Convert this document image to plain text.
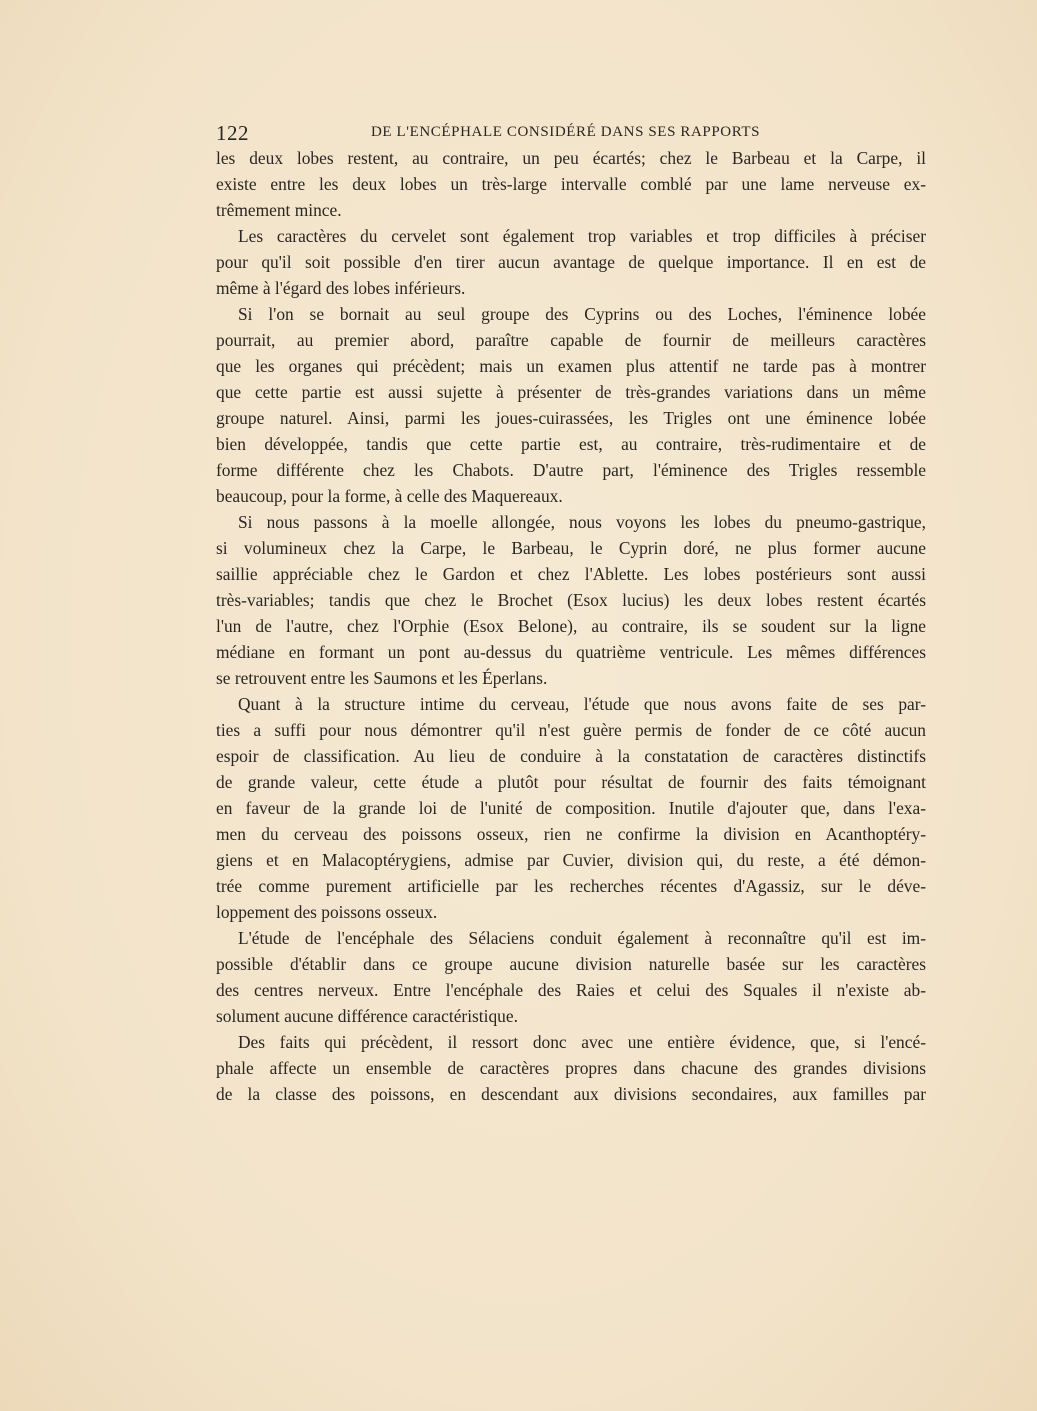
122	DE L'ENCÉPHALE CONSIDÉRÉ DANS SES RAPPORTS
les deux lobes restent, au contraire, un peu écartés; chez le Barbeau et la Carpe, il
existe entre les deux lobes un très-large intervalle comblé par une lame nerveuse ex-
trêmement mince.
Les caractères du cervelet sont également trop variables et trop difficiles à préciser
pour qu'il soit possible d'en tirer aucun avantage de quelque importance. Il en est de
même à l'égard des lobes inférieurs.
Si l'on se bornait au seul groupe des Cyprins ou des Loches, l'éminence lobée
pourrait, au premier abord, paraître capable de fournir de meilleurs caractères
que les organes qui précèdent; mais un examen plus attentif ne tarde pas à montrer
que cette partie est aussi sujette à présenter de très-grandes variations dans un même
groupe naturel. Ainsi, parmi les joues-cuirassées, les Trigles ont une éminence lobée
bien développée, tandis que cette partie est, au contraire, très-rudimentaire et de
forme différente chez les Chabots. D'autre part, l'éminence des Trigles ressemble
beaucoup, pour la forme, à celle des Maquereaux.
Si nous passons à la moelle allongée, nous voyons les lobes du pneumo-gastrique,
si volumineux chez la Carpe, le Barbeau, le Cyprin doré, ne plus former aucune
saillie appréciable chez le Gardon et chez l'Ablette. Les lobes postérieurs sont aussi
très-variables; tandis que chez le Brochet (Esox lucius) les deux lobes restent écartés
l'un de l'autre, chez l'Orphie (Esox Belone), au contraire, ils se soudent sur la ligne
médiane en formant un pont au-dessus du quatrième ventricule. Les mêmes différences
se retrouvent entre les Saumons et les Éperlans.
Quant à la structure intime du cerveau, l'étude que nous avons faite de ses par-
ties a suffi pour nous démontrer qu'il n'est guère permis de fonder de ce côté aucun
espoir de classification. Au lieu de conduire à la constatation de caractères distinctifs
de grande valeur, cette étude a plutôt pour résultat de fournir des faits témoignant
en faveur de la grande loi de l'unité de composition. Inutile d'ajouter que, dans l'exa-
men du cerveau des poissons osseux, rien ne confirme la division en Acanthoptéry-
giens et en Malacoptérygiens, admise par Cuvier, division qui, du reste, a été démon-
trée comme purement artificielle par les recherches récentes d'Agassiz, sur le déve-
loppement des poissons osseux.
L'étude de l'encéphale des Sélaciens conduit également à reconnaître qu'il est im-
possible d'établir dans ce groupe aucune division naturelle basée sur les caractères
des centres nerveux. Entre l'encéphale des Raies et celui des Squales il n'existe ab-
solument aucune différence caractéristique.
Des faits qui précèdent, il ressort donc avec une entière évidence, que, si l'encé-
phale affecte un ensemble de caractères propres dans chacune des grandes divisions
de la classe des poissons, en descendant aux divisions secondaires, aux familles par
